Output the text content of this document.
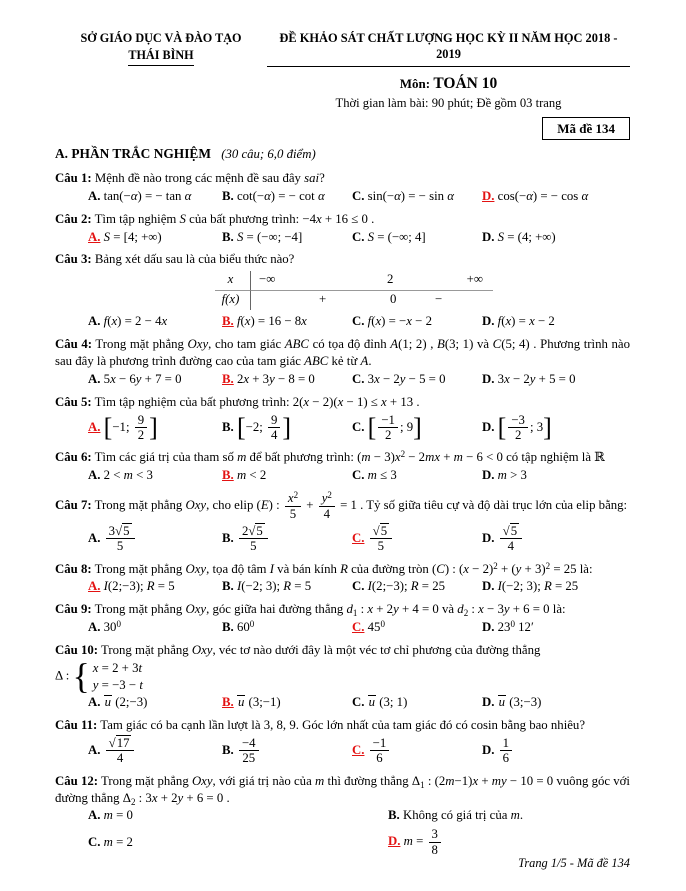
SỞ GIÁO DỤC VÀ ĐÀO TẠO
THÁI BÌNH
ĐỀ KHẢO SÁT CHẤT LƯỢNG HỌC KỲ II NĂM HỌC 2018 - 2019
Môn: TOÁN 10
Thời gian làm bài: 90 phút; Đề gồm 03 trang
Mã đề 134
A. PHẦN TRẮC NGHIỆM (30 câu; 6,0 điểm)
Câu 1: Mệnh đề nào trong các mệnh đề sau đây sai?
A. tan(−α) = − tan α	B. cot(−α) = − cot α	C. sin(−α) = − sin α	D. cos(−α) = − cos α
Câu 2: Tìm tập nghiệm S của bất phương trình: −4x + 16 ≤ 0 .
A. S = [4; +∞)	B. S = (−∞; −4]	C. S = (−∞; 4]	D. S = (4; +∞)
Câu 3: Bảng xét dấu sau là của biểu thức nào?
x	−∞	2	+∞
f(x)	+	0	−
A. f(x) = 2 − 4x	B. f(x) = 16 − 8x	C. f(x) = −x − 2	D. f(x) = x − 2
Câu 4: Trong mặt phẳng Oxy, cho tam giác ABC có tọa độ đỉnh A(1; 2) , B(3; 1) và C(5; 4) . Phương trình nào sau đây là phương trình đường cao của tam giác ABC kẻ từ A.
A. 5x − 6y + 7 = 0	B. 2x + 3y − 8 = 0	C. 3x − 2y − 5 = 0	D. 3x − 2y + 5 = 0
Câu 5: Tìm tập nghiệm của bất phương trình: 2(x − 2)(x − 1) ≤ x + 13 .
A. [−1; $\frac{9}{2}$ ]	B. [−2; $\frac{9}{4}$ ]	C. [ $\frac{-1}{2}$ ; 9]	D. [ $\frac{-3}{2}$ ; 3]
Câu 6: Tìm các giá trị của tham số m để bất phương trình: $(m - 3)x^2 - 2mx + m - 6 < 0$ có tập nghiệm là ℝ
A. 2 < m < 3	B. m < 2	C. m ≤ 3	D. m > 3
Câu 7: Trong mặt phẳng Oxy, cho elip (E) : $\frac{x^2}{5} + \frac{y^2}{4} = 1$ . Tỷ số giữa tiêu cự và độ dài trục lớn của elip bằng:
A. $\frac{3√5}{5}$	B. $\frac{2√5}{5}$	C. $\frac{√5}{5}$	D. $\frac{√5}{4}$
Câu 8: Trong mặt phẳng Oxy, tọa độ tâm I và bán kính R của đường tròn (C) : $(x - 2)^2 + (y + 3)^2 = 25$ là:
A. I(2;−3); R = 5	B. I(−2; 3); R = 5	C. I(2;−3); R = 25	D. I(−2; 3); R = 25
Câu 9: Trong mặt phẳng Oxy, góc giữa hai đường thẳng $d_1$ : x + 2y + 4 = 0 và $d_2$ : x − 3y + 6 = 0 là:
A. $30^0$	B. $60^0$	C. $45^0$	D. $23^0$ 12′
Câu 10: Trong mặt phẳng Oxy, véc tơ nào dưới đây là một véc tơ chỉ phương của đường thẳng
Δ : { x = 2 + 3t
y = −3 − t
A. u (2;−3)	B. u (3;−1)	C. u (3; 1)	D. u (3;−3)
Câu 11: Tam giác có ba cạnh lần lượt là 3, 8, 9. Góc lớn nhất của tam giác đó có cosin bằng bao nhiêu?
A. $\frac{√17}{4}$	B. $\frac{-4}{25}$	C. $\frac{-1}{6}$	D. $\frac{1}{6}$
Câu 12: Trong mặt phẳng Oxy, với giá trị nào của m thì đường thẳng $\Delta_1$ : (2m−1)x + my − 10 = 0 vuông góc với đường thẳng $\Delta_2$ : 3x + 2y + 6 = 0 .
A. m = 0	B. Không có giá trị của m.
C. m = 2	D. $m = \frac{3}{8}$
Trang 1/5 - Mã đề 134
